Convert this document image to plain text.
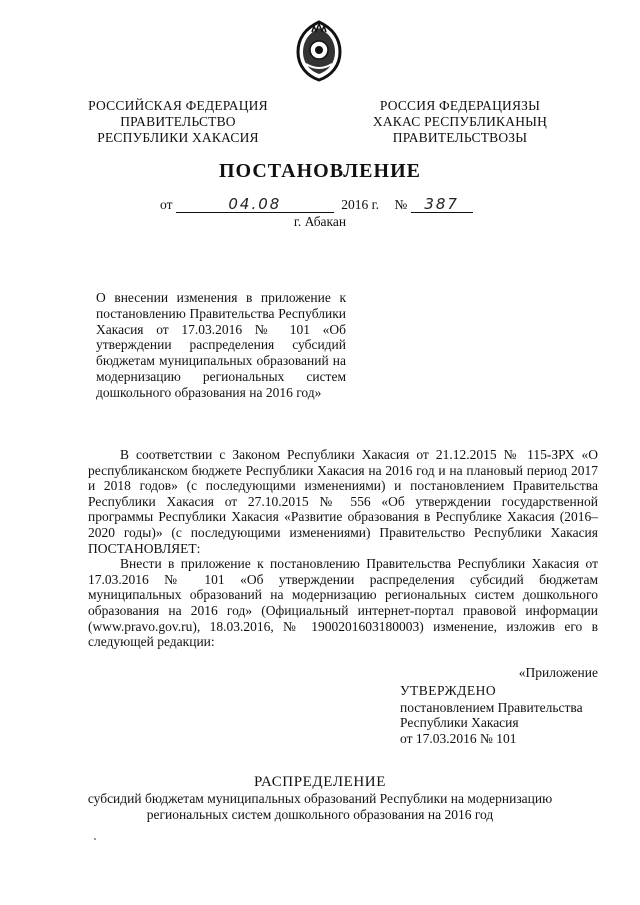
РОССИЙСКАЯ ФЕДЕРАЦИЯ
ПРАВИТЕЛЬСТВО
РЕСПУБЛИКИ ХАКАСИЯ
РОССИЯ ФЕДЕРАЦИЯЗЫ
ХАКАС РЕСПУБЛИКАНЫҢ
ПРАВИТЕЛЬСТВОЗЫ
ПОСТАНОВЛЕНИЕ
от	04.08	2016 г. № 387
г. Абакан

О внесении изменения в приложение к постановлению Правительства Республики Хакасия от 17.03.2016 № 101 «Об утверждении распределения субсидий бюджетам муниципальных образований на модернизацию региональных систем дошкольного образования на 2016 год»

В соответствии с Законом Республики Хакасия от 21.12.2015 № 115-ЗРХ «О республиканском бюджете Республики Хакасия на 2016 год и на плановый период 2017 и 2018 годов» (с последующими изменениями) и постановлением Правительства Республики Хакасия от 27.10.2015 № 556 «Об утверждении государственной программы Республики Хакасия «Развитие образования в Республике Хакасия (2016–2020 годы)» (с последующими изменениями) Правительство Республики Хакасия ПОСТАНОВЛЯЕТ:

Внести в приложение к постановлению Правительства Республики Хакасия от 17.03.2016 № 101 «Об утверждении распределения субсидий бюджетам муниципальных образований на модернизацию региональных систем дошкольного образования на 2016 год» (Официальный интернет-портал правовой информации (www.pravo.gov.ru), 18.03.2016, № 1900201603180003) изменение, изложив его в следующей редакции:

«Приложение
УТВЕРЖДЕНО
постановлением Правительства
Республики Хакасия
от 17.03.2016 № 101
РАСПРЕДЕЛЕНИЕ
субсидий бюджетам муниципальных образований Республики на модернизацию
региональных систем дошкольного образования на 2016 год
